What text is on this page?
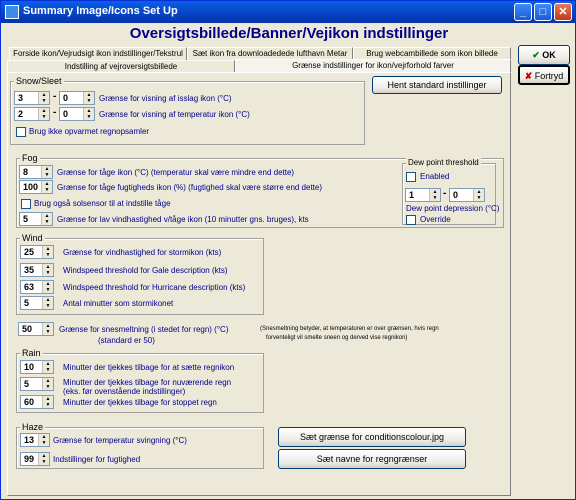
Summary Image/Icons Set Up	_	□	✕
Oversigtsbillede/Banner/Vejikon indstillinger
Forside ikon/Vejrudsigt ikon indstillinger/Tekstrul	Sæt ikon fra downloadedede lufthavn Metar	Brug webcambillede som ikon billede
Indstilling af vejroversigtsbillede	Grænse indstillinger for ikon/vejrforhold farver
✔ OK
✘ Fortryd
Hent standard instillinger
Snow/Sleet
3	▲
▼ - 0	▲
▼ Grænse for visning af isslag ikon (°C)
2	▲
▼ - 0	▲
▼ Grænse for visning af temperatur ikon (°C)
Brug ikke opvarmet regnopsamler
Fog
8	▲
▼ Grænse for tåge ikon (°C) (temperatur skal være mindre end dette)
100	▲
▼ Grænse for tåge fugtigheds ikon (%) (fugtighed skal være større end dette)
Brug også solsensor til at indstille tåge
5	▲
▼ Grænse for lav vindhastighed v/tåge ikon (10 minutter gns. bruges), kts
Dew point threshold
Enabled
1	▲
▼ - 0	▲
▼
Dew point depression (°C)
Override
Wind
25	▲
▼	Grænse for vindhastighed for stormikon (kts)
35	▲
▼	Windspeed threshold for Gale description (kts)
63	▲
▼	Windspeed threshold for Hurricane description (kts)
5	▲
▼	Antal minutter som stormikonet
50	▲
▼	Grænse for snesmeltning (i stedet for regn) (°C)
(standard er 50)
(Snesmeltning betyder, at temperaturen er over grænsen, hvis regn
forventeligt vil smelte sneen og derved vise regnikon)
Rain
10	▲
▼	Minutter der tjekkes tilbage for at sætte regnikon
5	▲
▼	Minutter der tjekkes tilbage for nuværende regn
(eks. før ovenstående indstillinger)
60	▲
▼	Minutter der tjekkes tilbage for stoppet regn
Haze
13	▲
▼ Grænse for temperatur svingning (°C)
99	▲
▼ Indstillinger for fugtighed
Sæt grænse for conditionscolour.jpg
Sæt navne for regngrænser
